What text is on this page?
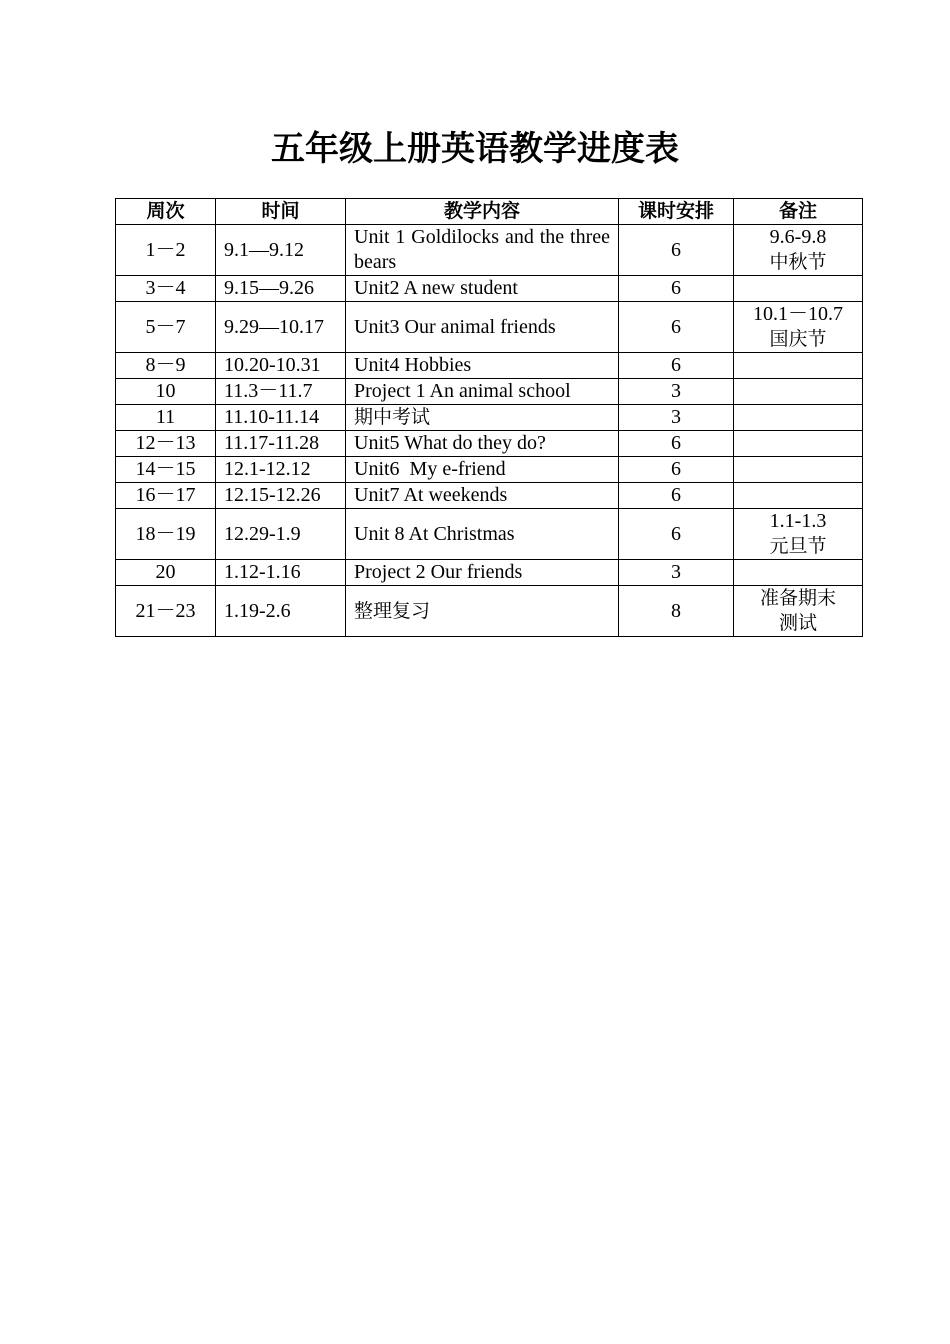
五年级上册英语教学进度表
周次	时间	教学内容	课时安排	备注
1－2	9.1—9.12	Unit 1 Goldilocks and the three bears	6	9.6-9.8
中秋节

3－4	9.15—9.26	Unit2 A new student	6	
5－7	9.29—10.17	Unit3 Our animal friends	6	10.1－10.7
国庆节

8－9	10.20-10.31	Unit4 Hobbies	6	
10	11.3－11.7	Project 1 An animal school	3	
11	11.10-11.14	期中考试	3	
12－13	11.17-11.28	Unit5 What do they do?	6	
14－15	12.1-12.12	Unit6  My e-friend	6	
16－17	12.15-12.26	Unit7 At weekends	6	
18－19	12.29-1.9	Unit 8 At Christmas	6	1.1-1.3
元旦节

20	1.12-1.16	Project 2 Our friends	3	
21－23	1.19-2.6	整理复习	8	准备期末
测试
